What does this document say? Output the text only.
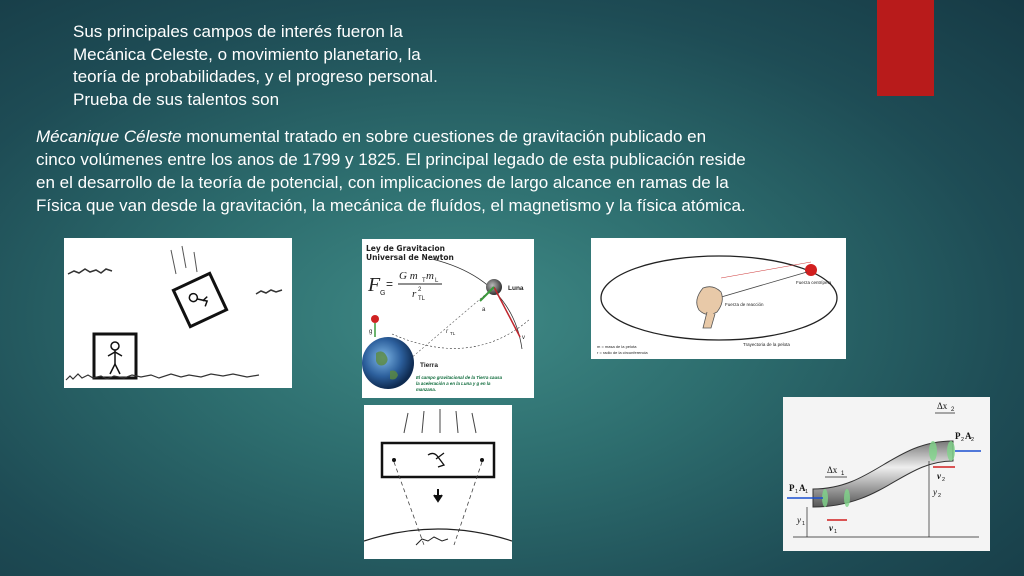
Sus principales campos de interés fueron la
Mecánica Celeste, o movimiento planetario, la
teoría de probabilidades, y el progreso personal.
Prueba de sus talentos son

Mécanique Céleste monumental tratado en sobre cuestiones de gravitación publicado en
cinco volúmenes entre los anos de 1799 y 1825. El principal legado de esta publicación reside
en el desarrollo de la teoría de potencial, con implicaciones de largo alcance en ramas de la
Física que van desde la gravitación, la mecánica de fluídos, el magnetismo y la física atómica.

Ley de Gravitacion
Universal de Newton
F G
=
G m T m L
r 2
TL
Luna
v
a
r TL
g
Tierra
El campo gravitacional de la Tierra causa
la aceleración a en la Luna y g en la
manzana.
Fuerza centrípeta
Fuerza de reacción
Trayectoria de la pelota
m = masa de la pelota
r = radio de la circunferencia
Δx 2
P 2 A 2
v 2
y 2
Δx 1
P 1 A 1
y 1	v 1
